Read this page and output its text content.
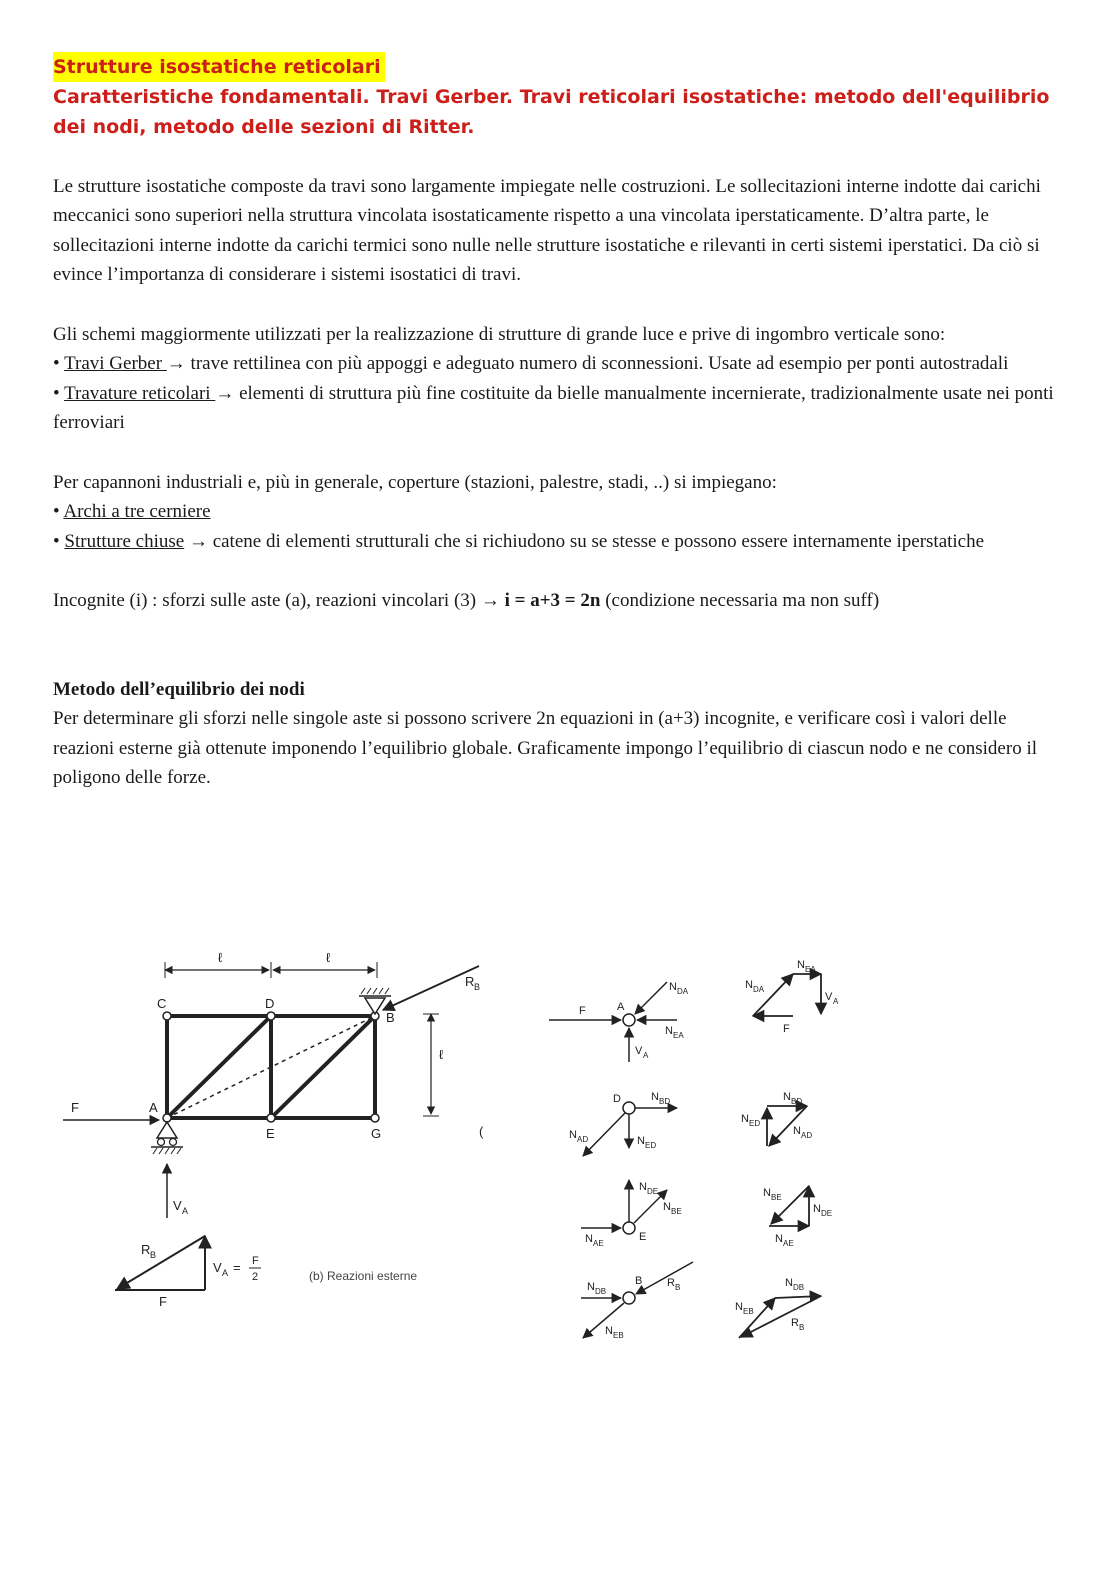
Strutture isostatiche reticolari

Caratteristiche fondamentali. Travi Gerber. Travi reticolari isostatiche: metodo dell'equilibrio dei nodi, metodo delle sezioni di Ritter.

Le strutture isostatiche composte da travi sono largamente impiegate nelle costruzioni. Le sollecitazioni interne indotte dai carichi meccanici sono superiori nella struttura vincolata isostaticamente rispetto a una vincolata iperstaticamente. D’altra parte, le sollecitazioni interne indotte da carichi termici sono nulle nelle strutture isostatiche e rilevanti in certi sistemi iperstatici. Da ciò si evince l’importanza di considerare i sistemi isostatici di travi.

Gli schemi maggiormente utilizzati per la realizzazione di strutture di grande luce e prive di ingombro verticale sono:

• Travi Gerber → trave rettilinea con più appoggi e adeguato numero di sconnessioni. Usate ad esempio per ponti autostradali

• Travature reticolari → elementi di struttura più fine costituite da bielle manualmente incernierate, tradizionalmente usate nei ponti ferroviari

Per capannoni industriali e, più in generale, coperture (stazioni, palestre, stadi, ..) si impiegano:

• Archi a tre cerniere

• Strutture chiuse → catene di elementi strutturali che si richiudono su se stesse e possono essere internamente iperstatiche

Incognite (i) : sforzi sulle aste (a), reazioni vincolari (3) → i = a+3 = 2n (condizione necessaria ma non suff)

Metodo dell’equilibrio dei nodi

Per determinare gli sforzi nelle singole aste si possono scrivere 2n equazioni in (a+3) incognite, e verificare così i valori delle reazioni esterne già ottenute imponendo l’equilibrio globale. Graficamente impongo l’equilibrio di ciascun nodo e ne considero il poligono delle forze.

ℓ	ℓ
C	D
B
A
E	G
F
R B
V A
ℓ
(
R B
F
V A = F
2	(b) Reazioni esterne
F	A
N DA
N EA
V A
N EA
N DA
V A
F
D	N BD
N AD	N ED
N BD
N ED
N AD
N DE
N BE
N AE
E
N BE
N DE
N AE
N DB
B R B
N EB
N DB
N EB
R B
